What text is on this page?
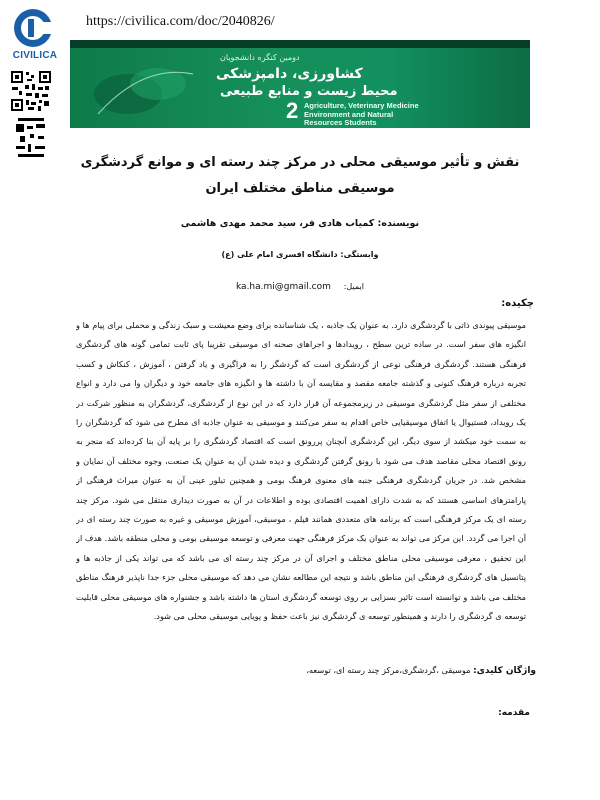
CIVILICA
https://civilica.com/doc/2040826/
دومین کنگره دانشجویان
کشاورزی، دامپزشکی
محیط زیست و منابع طبیعی
2 Agriculture, Veterinary Medicine
Environment and Natural
Resources Students
نقش و تأثیر موسیقی محلی در مرکز چند رسته ای و موانع گردشگری موسیقی مناطق مختلف ایران
نویسنده: کمیاب هادی فر، سید محمد مهدی هاشمی
وابستگی: دانشگاه افسری امام علی (ع)
ka.ha.mi@gmail.com ایمیل:
چکیده:

موسیقی پیوندی ذاتی با گردشگری دارد. به عنوان یک جاذبه ، یک شناسانده برای وضع معیشت و سبک زندگی و محملی برای پیام ها و انگیزه های سفر است. در ساده ترین سطح ، رویدادها و اجراهای صحنه ای موسیقی تقریبا پای ثابت تمامی گونه های گردشگری فرهنگی هستند. گردشگری فرهنگی نوعی از گردشگری است که گردشگر را به فراگیری و یاد گرفتن ، آموزش ، کنکاش و کسب تجربه درباره فرهنگ کنونی و گذشته جامعه مقصد و مقایسه آن با داشته ها و انگیزه های جامعه خود و دیگران وا می دارد و انواع مختلفی از سفر مثل گردشگری موسیقی در زیرمجموعه آن قرار دارد که در این نوع از گردشگری، گردشگران به منظور شرکت در یک رویداد، فستیوال یا اتفاق موسیقیایی خاص اقدام به سفر می‌کنند و موسیقی به عنوان جاذبه ای مطرح می شود که گردشگران را به سمت خود میکشد از سوی دیگر، این گردشگری آنچنان پررونق است که اقتصاد گردشگری را بر پایه آن بنا کرده‌اند که منجر به رونق اقتصاد محلی مقاصد هدف می شود با رونق گرفتن گردشگری و دیده شدن آن به عنوان یک صنعت، وجوه مختلف آن نمایان و مشخص شد. در جریان گردشگری فرهنگی جنبه های معنوی فرهنگ بومی و همچنین تبلور عینی آن به عنوان میراث فرهنگی از پارامترهای اساسی هستند که به شدت دارای اهمیت اقتصادی بوده و اطلاعات در آن به صورت دیداری منتقل می شود. مرکز چند رسته ای یک مرکز فرهنگی است که برنامه های متعددی همانند فیلم ، موسیقی، آموزش موسیقی و غیره به صورت چند رسته ای در آن اجرا می گردد. این مرکز می تواند به عنوان یک مرکز فرهنگی جهت معرفی و توسعه موسیقی بومی و محلی منطقه باشد. هدف از این تحقیق ، معرفی موسیقی محلی مناطق مختلف و اجرای آن در مرکز چند رسته ای می باشد که می تواند یکی از جاذبه ها و پتانسیل های گردشگری فرهنگی این مناطق باشد و نتیجه این مطالعه نشان می دهد که موسیقی محلی جزء جدا ناپذیر فرهنگ مناطق مختلف می باشد و توانسته است تاثیر بسزایی بر روی توسعه گردشگری استان ها داشته باشد و جشنواره های موسیقی محلی قابلیت توسعه ی گردشگری را دارند و همینطور توسعه ی گردشگری نیز باعث حفظ و پویایی موسیقی محلی می شود.

واژگان کلیدی: موسیقی ،گردشگری،مرکز چند رسته ای، توسعه،
مقدمه:
